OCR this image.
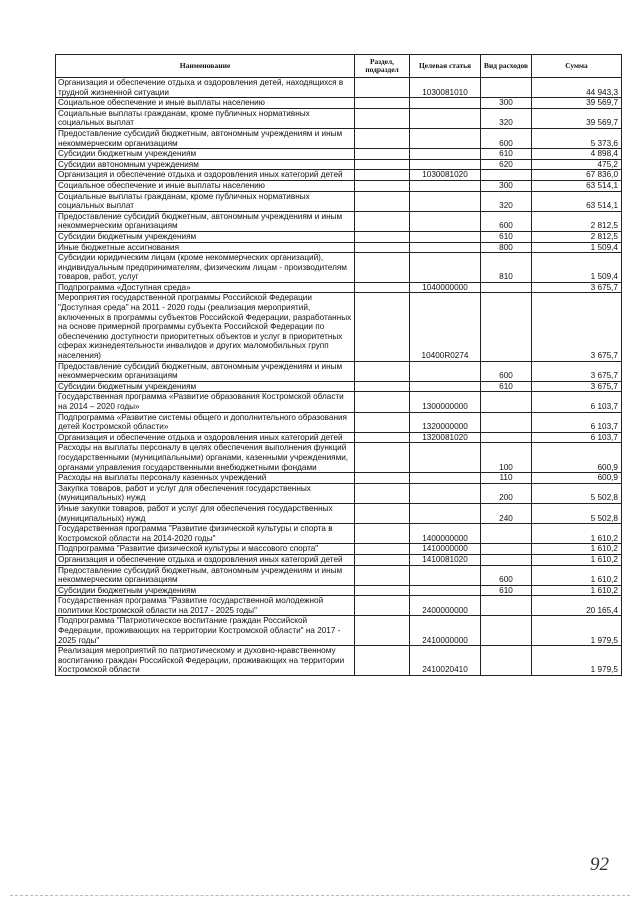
Наименование	Раздел, подраздел	Целевая статья	Вид расходов	Сумма
Организация и обеспечение отдыха и оздоровления детей, находящихся в трудной жизненной ситуации		1030081010		44 943,3
Социальное обеспечение и иные выплаты населению			300	39 569,7
Социальные выплаты гражданам, кроме публичных нормативных социальных выплат			320	39 569,7
Предоставление субсидий бюджетным, автономным учреждениям и иным некоммерческим организациям			600	5 373,6
Субсидии бюджетным учреждениям			610	4 898,4
Субсидии автономным учреждениям			620	475,2
Организация и обеспечение отдыха и оздоровления иных категорий детей		1030081020		67 836,0
Социальное обеспечение и иные выплаты населению			300	63 514,1
Социальные выплаты гражданам, кроме публичных нормативных социальных выплат			320	63 514,1
Предоставление субсидий бюджетным, автономным учреждениям и иным некоммерческим организациям			600	2 812,5
Субсидии бюджетным учреждениям			610	2 812,5
Иные бюджетные ассигнования			800	1 509,4
Субсидии юридическим лицам (кроме некоммерческих организаций), индивидуальным предпринимателям, физическим лицам - производителям товаров, работ, услуг			810	1 509,4
Подпрограмма «Доступная среда»		1040000000		3 675,7
Мероприятия государственной программы Российской Федерации "Доступная среда" на 2011 - 2020 годы (реализация мероприятий, включенных в программы субъектов Российской Федерации, разработанных на основе примерной программы субъекта Российской Федерации по обеспечению доступности приоритетных объектов и услуг в приоритетных сферах жизнедеятельности инвалидов и других маломобильных групп населения)		10400R0274		3 675,7
Предоставление субсидий бюджетным, автономным учреждениям и иным некоммерческим организациям			600	3 675,7
Субсидии бюджетным учреждениям			610	3 675,7
Государственная программа «Развитие образования Костромской области на 2014 – 2020 годы»		1300000000		6 103,7
Подпрограмма «Развитие системы общего и дополнительного образования детей Костромской области»		1320000000		6 103,7
Организация и обеспечение отдыха и оздоровления иных категорий детей		1320081020		6 103,7
Расходы на выплаты персоналу в целях обеспечения выполнения функций государственными (муниципальными) органами, казенными учреждениями, органами управления государственными внебюджетными фондами			100	600,9
Расходы на выплаты персоналу казенных учреждений			110	600,9
Закупка товаров, работ и услуг для обеспечения государственных (муниципальных) нужд			200	5 502,8
Иные закупки товаров, работ и услуг для обеспечения государственных (муниципальных) нужд			240	5 502,8
Государственная программа "Развитие физической культуры и спорта в Костромской области на 2014-2020 годы"		1400000000		1 610,2
Подпрограмма "Развитие физической культуры и массового спорта"		1410000000		1 610,2
Организация и обеспечение отдыха и оздоровления иных категорий детей		1410081020		1 610,2
Предоставление субсидий бюджетным, автономным учреждениям и иным некоммерческим организациям			600	1 610,2
Субсидии бюджетным учреждениям			610	1 610,2
Государственная программа "Развитие государственной молодежной политики Костромской области на 2017 - 2025 годы"		2400000000		20 165,4
Подпрограмма "Патриотическое воспитание граждан Российской Федерации, проживающих на территории Костромской области" на 2017 - 2025 годы"		2410000000		1 979,5
Реализация мероприятий по патриотическому и духовно-нравственному воспитанию граждан Российской Федерации, проживающих на территории Костромской области		2410020410		1 979,5
92
